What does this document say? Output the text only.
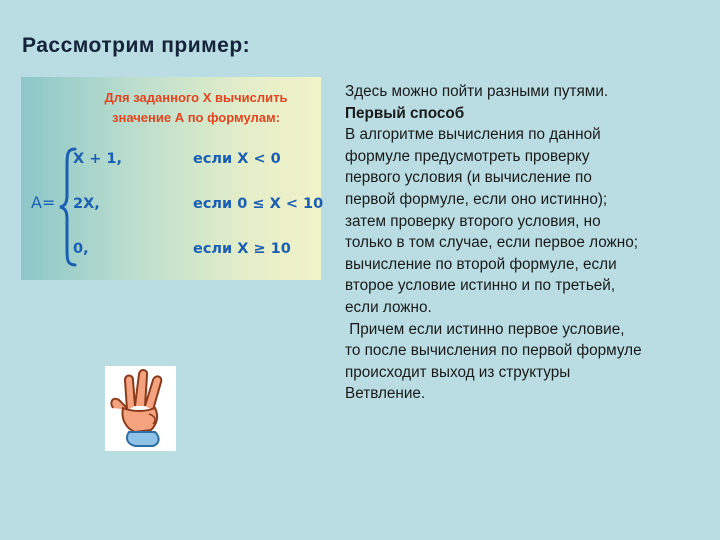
Рассмотрим пример:
Для заданного Х вычислить
значение А по формулам:
A=
X + 1,	если X < 0
2X,	если 0 ≤ X < 10
0,	если X ≥ 10

Здесь можно пойти разными путями.

Первый способ

В алгоритме вычисления по данной

формуле предусмотреть проверку

первого условия (и вычисление по

первой формуле, если оно истинно);

затем проверку второго условия, но

только в том случае, если первое ложно;

вычисление по второй формуле, если

второе условие истинно и по третьей,

если ложно.

Причем если истинно первое условие,

то после вычисления по первой формуле

происходит выход из структуры

Ветвление.
